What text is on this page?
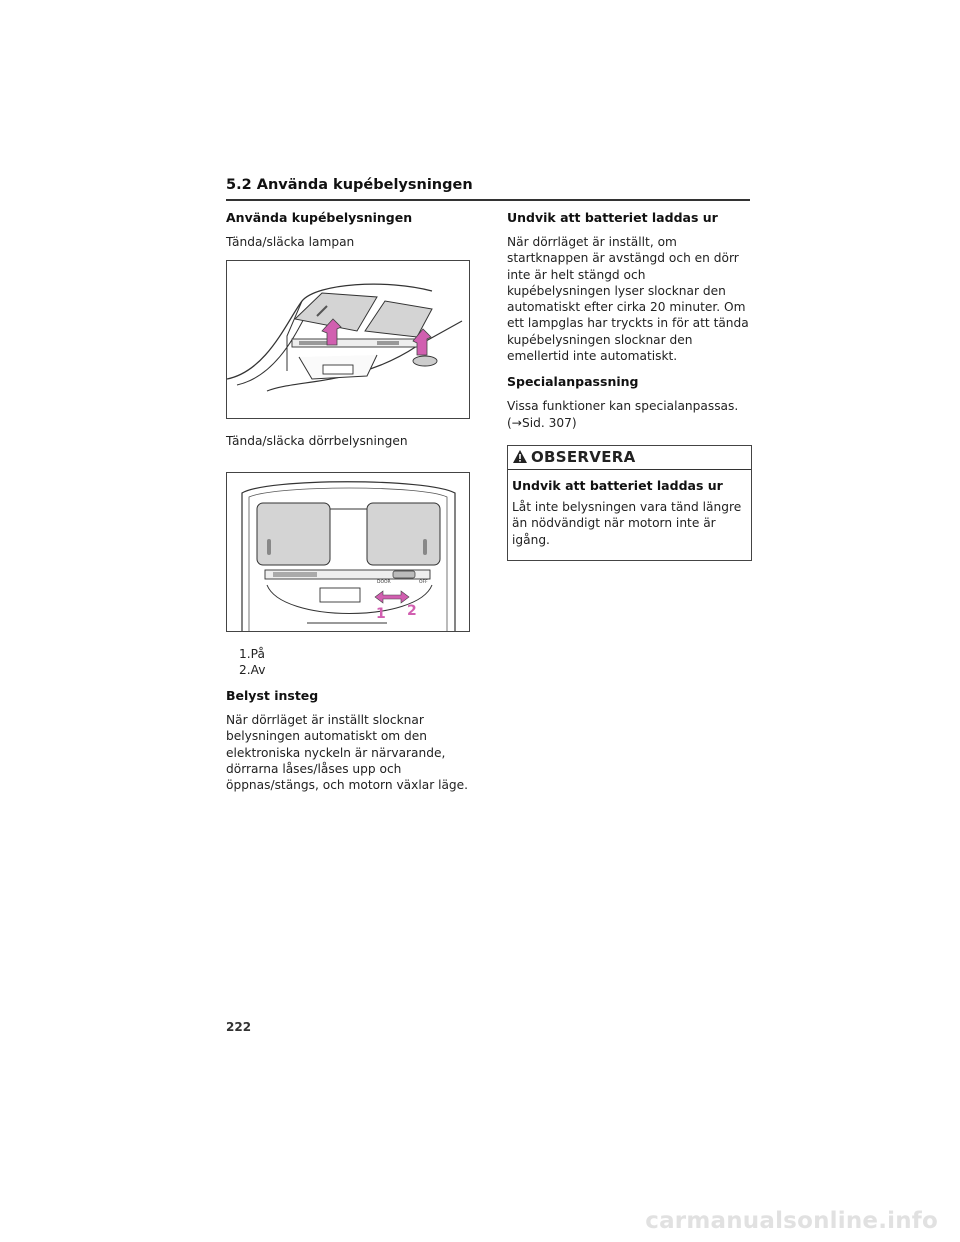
5.2 Använda kupébelysningen
Använda kupébelysningen

Tända/släcka lampan

Tända/släcka dörrbelysningen

DOOR	OFF
1 2
1.På
2.Av
Belyst insteg

När dörrläget är inställt slocknar belysningen automatiskt om den elektroniska nyckeln är närvarande, dörrarna låses/låses upp och öppnas/stängs, och motorn växlar läge.

Undvik att batteriet laddas ur

När dörrläget är inställt, om startknappen är avstängd och en dörr inte är helt stängd och kupébelysningen lyser slocknar den automatiskt efter cirka 20 minuter. Om ett lampglas har tryckts in för att tända kupébelysningen slocknar den emellertid inte automatiskt.

Specialanpassning

Vissa funktioner kan specialanpassas. (→Sid. 307)

OBSERVERA
Undvik att batteriet laddas ur

Låt inte belysningen vara tänd längre än nödvändigt när motorn inte är igång.

222
carmanualsonline.info
